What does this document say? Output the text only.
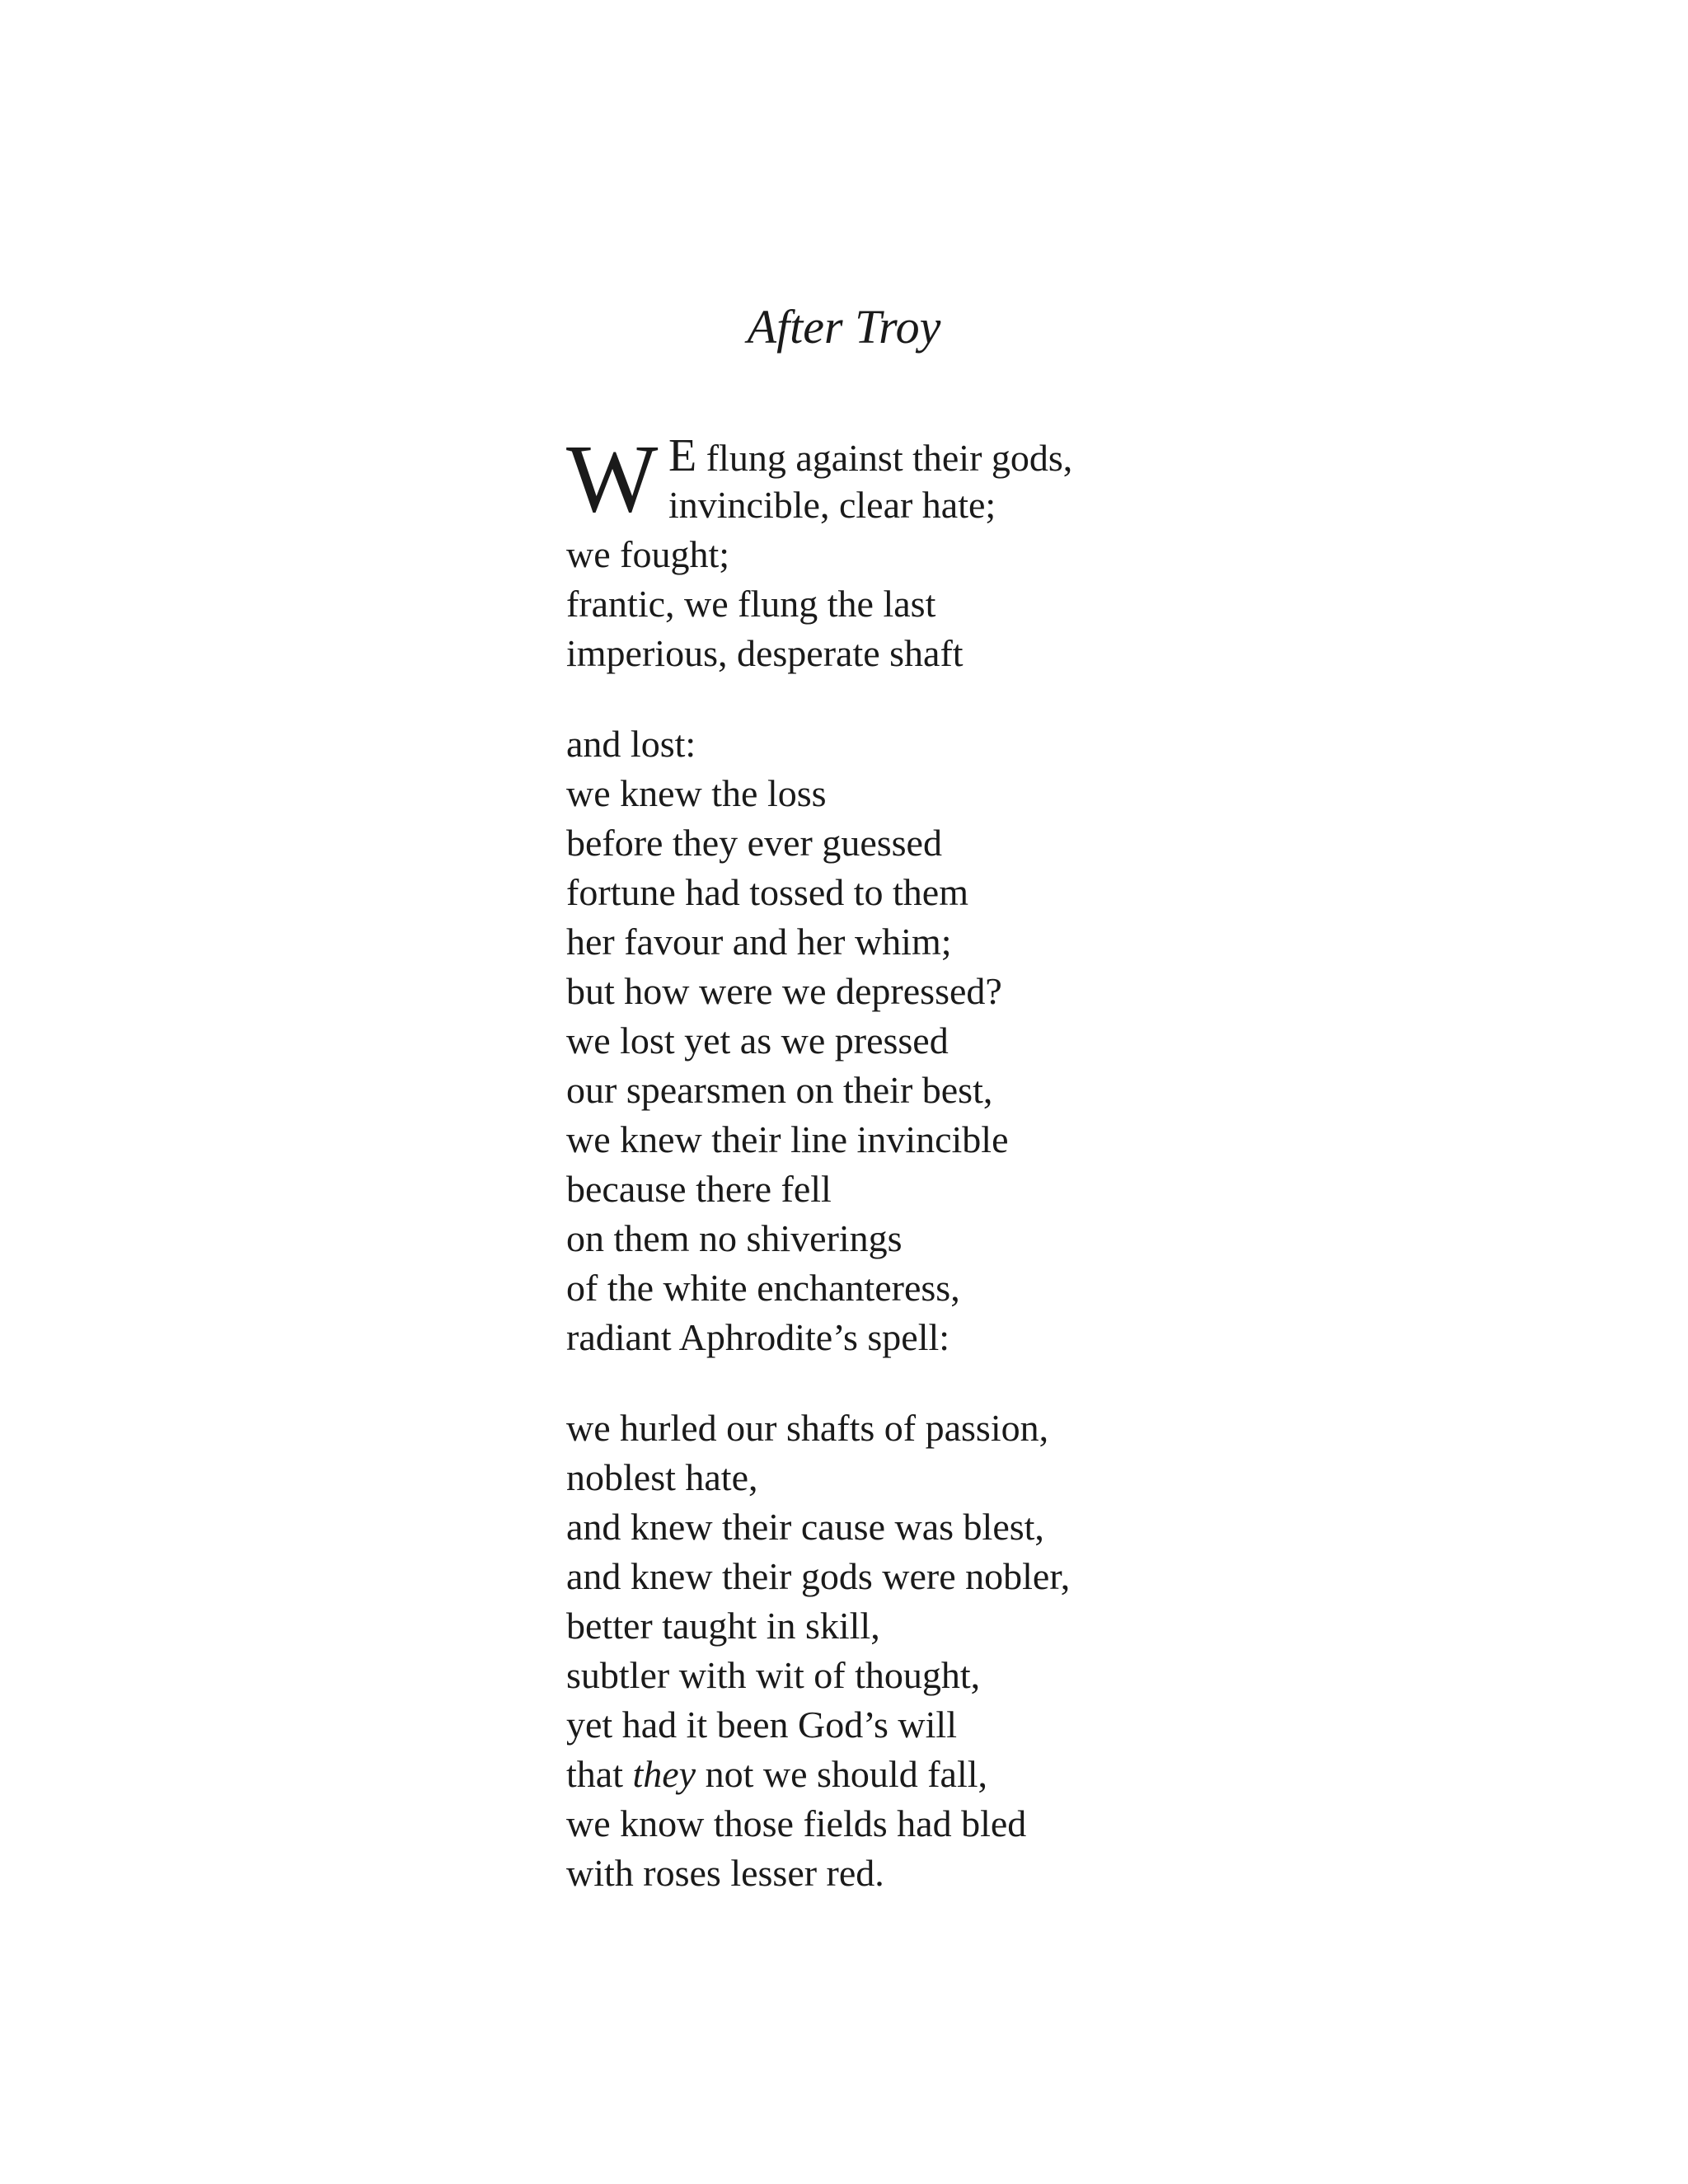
After Troy
W E flung against their gods,
invincible, clear hate;
we fought;
frantic, we flung the last
imperious, desperate shaft
and lost:
we knew the loss
before they ever guessed
fortune had tossed to them
her favour and her whim;
but how were we depressed?
we lost yet as we pressed
our spearsmen on their best,
we knew their line invincible
because there fell
on them no shiverings
of the white enchanteress,
radiant Aphrodite’s spell:
we hurled our shafts of passion,
noblest hate,
and knew their cause was blest,
and knew their gods were nobler,
better taught in skill,
subtler with wit of thought,
yet had it been God’s will
that they not we should fall,
we know those fields had bled
with roses lesser red.
